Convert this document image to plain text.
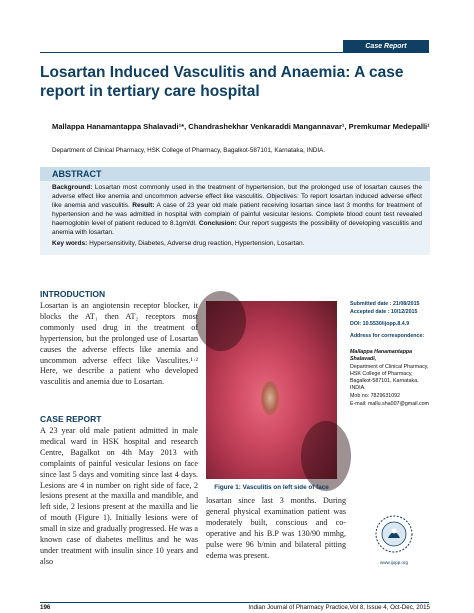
Case Report
Losartan Induced Vasculitis and Anaemia: A case report in tertiary care hospital
Mallappa Hanamantappa Shalavadi¹*, Chandrashekhar Venkaraddi Mangannavar¹, Premkumar Medepalli¹
Department of Clinical Pharmacy, HSK College of Pharmacy, Bagalkot-587101, Karnataka, INDIA.
ABSTRACT
Background: Losartan most commonly used in the treatment of hypertension, but the prolonged use of losartan causes the adverse effect like anemia and uncommon adverse effect like vasculitis. Objectives: To report losartan induced adverse effect like anemia and vasculitis. Result: A case of 23 year old male patient receiving losartan since last 3 months for treatment of hypertension and he was admitted in hospital with complain of painful vesicular lesions. Complete blood count test revealed haemoglobin level of patient reduced to 8.1gm/dl. Conclusion: Our report suggests the possibility of developing vasculitis and anemia with losartan.
Key words: Hypersensitivity, Diabetes, Adverse drug reaction, Hypertension, Losartan.
INTRODUCTION
Losartan is an angiotensin receptor blocker, it blocks the AT₁ then AT₂ receptors most commonly used drug in the treatment of hypertension, but the prolonged use of Losartan causes the adverse effects like anemia and uncommon adverse effect like Vasculites.¹·² Here, we describe a patient who developed vasculitis and anemia due to Losartan.
CASE REPORT
A 23 year old male patient admitted in male medical ward in HSK hospital and research Centre, Bagalkot on 4th May 2013 with complaints of painful vesicular lesions on face since last 5 days and vomiting since last 4 days. Lesions are 4 in number on right side of face, 2 lesions present at the maxilla and mandible, and left side, 2 lesions present at the maxilla and lie of mouth (Figure 1). Initially lesions were of small in size and gradually progressed. He was a known case of diabetes mellitus and he was under treatment with insulin since 10 years and also
Figure 1: Vasculitis on left side of face
losartan since last 3 months. During general physical examination patient was moderately built, conscious and co-operative and his B.P was 130/90 mmhg, pulse were 96 b/min and bilateral pitting edema was present.
Submitted date : 21/08/2015
Accepted date : 10/12/2015
DOI: 10.5530/ijopp.8.4.9
Address for correspondence:
Mallappa Hanamantappa Shalavadi,
Department of Clinical Pharmacy, HSK College of Pharmacy, Bagalkot-587101, Karnataka, INDIA.
Mob no: 7829631092
E-mail: mallu.sha007@gmail.com
www.ijopp.org
196	Indian Journal of Pharmacy Practice,Vol 8, Issue 4, Oct-Dec, 2015
